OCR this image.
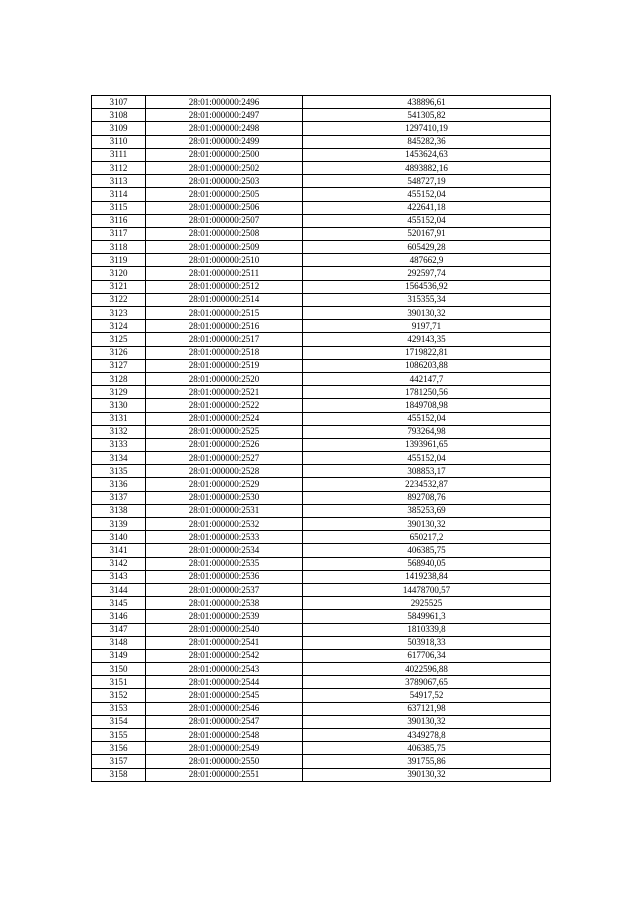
3107	28:01:000000:2496	438896,61
3108	28:01:000000:2497	541305,82
3109	28:01:000000:2498	1297410,19
3110	28:01:000000:2499	845282,36
3111	28:01:000000:2500	1453624,63
3112	28:01:000000:2502	4893882,16
3113	28:01:000000:2503	548727,19
3114	28:01:000000:2505	455152,04
3115	28:01:000000:2506	422641,18
3116	28:01:000000:2507	455152,04
3117	28:01:000000:2508	520167,91
3118	28:01:000000:2509	605429,28
3119	28:01:000000:2510	487662,9
3120	28:01:000000:2511	292597,74
3121	28:01:000000:2512	1564536,92
3122	28:01:000000:2514	315355,34
3123	28:01:000000:2515	390130,32
3124	28:01:000000:2516	9197,71
3125	28:01:000000:2517	429143,35
3126	28:01:000000:2518	1719822,81
3127	28:01:000000:2519	1086203,88
3128	28:01:000000:2520	442147,7
3129	28:01:000000:2521	1781250,56
3130	28:01:000000:2522	1849708,98
3131	28:01:000000:2524	455152,04
3132	28:01:000000:2525	793264,98
3133	28:01:000000:2526	1393961,65
3134	28:01:000000:2527	455152,04
3135	28:01:000000:2528	308853,17
3136	28:01:000000:2529	2234532,87
3137	28:01:000000:2530	892708,76
3138	28:01:000000:2531	385253,69
3139	28:01:000000:2532	390130,32
3140	28:01:000000:2533	650217,2
3141	28:01:000000:2534	406385,75
3142	28:01:000000:2535	568940,05
3143	28:01:000000:2536	1419238,84
3144	28:01:000000:2537	14478700,57
3145	28:01:000000:2538	2925525
3146	28:01:000000:2539	5849961,3
3147	28:01:000000:2540	1810339,8
3148	28:01:000000:2541	503918,33
3149	28:01:000000:2542	617706,34
3150	28:01:000000:2543	4022596,88
3151	28:01:000000:2544	3789067,65
3152	28:01:000000:2545	54917,52
3153	28:01:000000:2546	637121,98
3154	28:01:000000:2547	390130,32
3155	28:01:000000:2548	4349278,8
3156	28:01:000000:2549	406385,75
3157	28:01:000000:2550	391755,86
3158	28:01:000000:2551	390130,32
